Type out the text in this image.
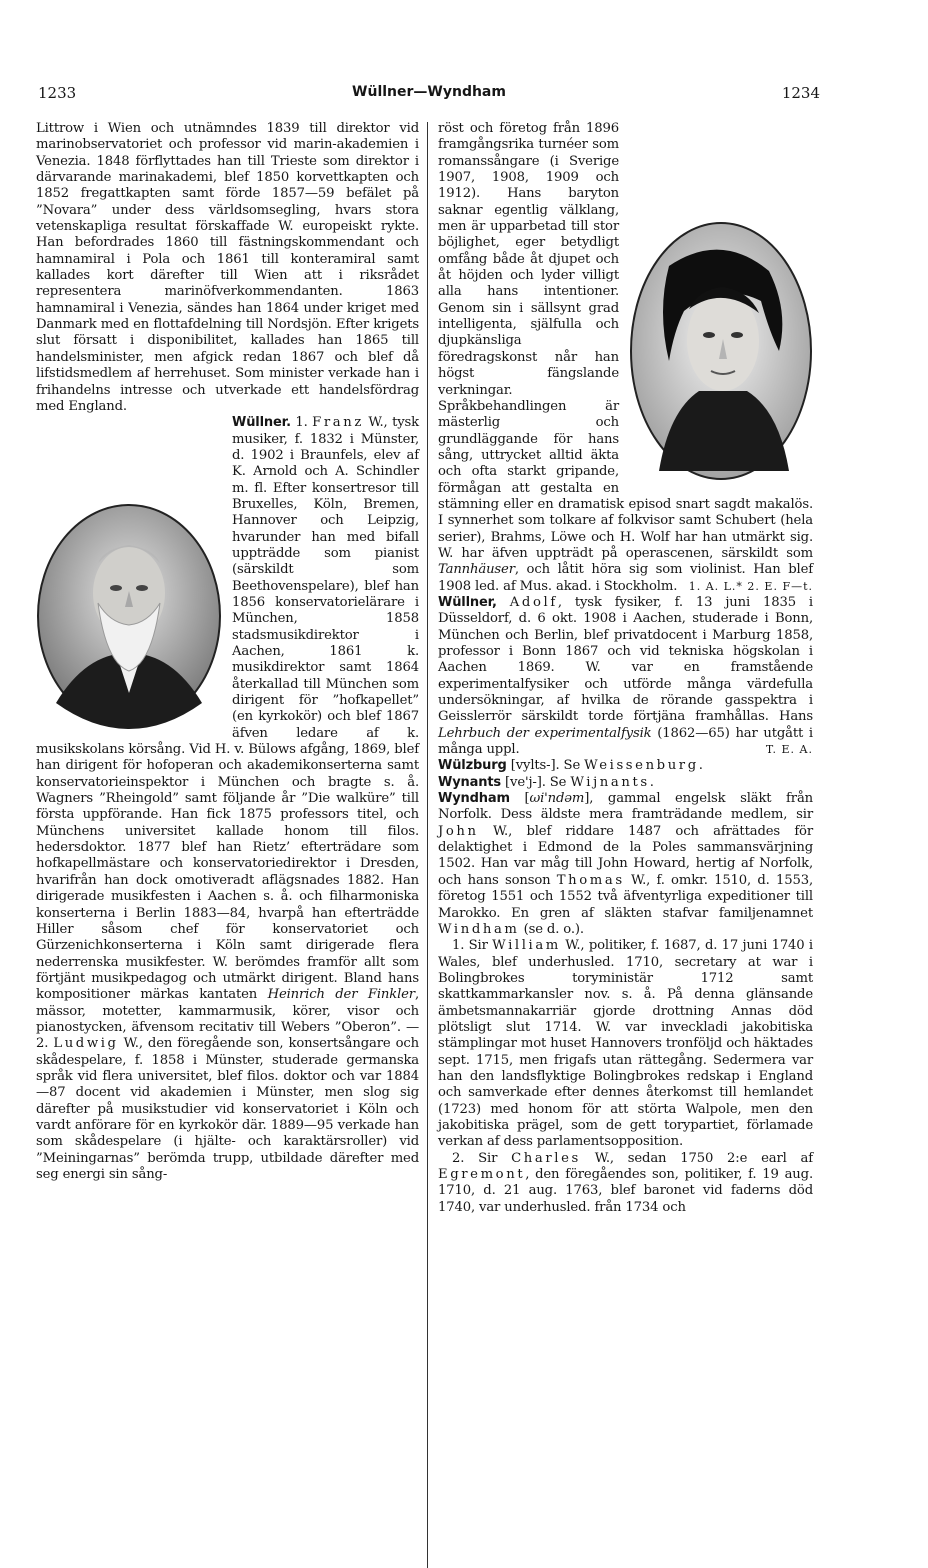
1233	Wüllner—Wyndham	1234

Littrow i Wien och utnämndes 1839 till direktor vid marinobservatoriet och professor vid marin-akademien i Venezia. 1848 förflyttades han till Trieste som direktor i därvarande marinakademi, blef 1850 korvettkapten och 1852 fregattkapten samt förde 1857—59 befälet på ”Novara” under dess världsomsegling, hvars stora vetenskapliga resultat förskaffade W. europeiskt rykte. Han befordrades 1860 till fästningskommendant och hamnamiral i Pola och 1861 till konteramiral samt kallades kort därefter till Wien att i riksrådet representera marinöfverkommendanten. 1863 hamnamiral i Venezia, sändes han 1864 under kriget med Danmark med en flottafdelning till Nordsjön. Efter krigets slut försatt i disponibilitet, kallades han 1865 till handelsminister, men afgick redan 1867 och blef då lifstidsmedlem af herrehuset. Som minister verkade han i frihandelns intresse och utverkade ett handelsfördrag med England.

Wüllner. 1. Franz W., tysk musiker, f. 1832 i Münster, d. 1902 i Braunfels, elev af K. Arnold och A. Schindler m. fl. Efter konsertresor till Bruxelles, Köln, Bremen, Hannover och Leipzig, hvarunder han med bifall uppträdde som pianist (särskildt som Beethovenspelare), blef han 1856 konservatorielärare i München, 1858 stadsmusikdirektor i Aachen, 1861 k. musikdirektor samt 1864 återkallad till München som dirigent för ”hofkapellet” (en kyrkokör) och blef 1867 äfven ledare af k. musikskolans körsång. Vid H. v. Bülows afgång, 1869, blef han dirigent för hofoperan och akademikonserterna samt konservatorieinspektor i München och bragte s. å. Wagners ”Rheingold” samt följande år ”Die walküre” till första uppförande. Han fick 1875 professors titel, och Münchens universitet kallade honom till filos. hedersdoktor. 1877 blef han Rietz’ efterträdare som hofkapellmästare och konservatoriedirektor i Dresden, hvarifrån han dock omotiveradt aflägsnades 1882. Han dirigerade musikfesten i Aachen s. å. och filharmoniska konserterna i Berlin 1883—84, hvarpå han efterträdde Hiller såsom chef för konservatoriet och Gürzenichkonserterna i Köln samt dirigerade flera nederrenska musikfester. W. berömdes framför allt som förtjänt musikpedagog och utmärkt dirigent. Bland hans kompositioner märkas kantaten Heinrich der Finkler, mässor, motetter, kammarmusik, körer, visor och pianostycken, äfvensom recitativ till Webers ”Oberon”. — 2. Ludwig W., den föregående son, konsertsångare och skådespelare, f. 1858 i Münster, studerade germanska språk vid flera universitet, blef filos. doktor och var 1884—87 docent vid akademien i Münster, men slog sig därefter på musikstudier vid konservatoriet i Köln och vardt anförare för en kyrkokör där. 1889—95 verkade han som skådespelare (i hjälte- och karaktärsroller) vid ”Meiningarnas” berömda trupp, utbildade därefter med seg energi sin sång-

röst och företog från 1896 framgångsrika turnéer som romanssångare (i Sverige 1907, 1908, 1909 och 1912). Hans baryton saknar egentlig välklang, men är upparbetad till stor böjlighet, eger betydligt omfång både åt djupet och åt höjden och lyder villigt alla hans intentioner. Genom sin i sällsynt grad intelligenta, själfulla och djupkänsliga föredragskonst når han högst fängslande verkningar. Språkbehandlingen är mästerlig och grundläggande för hans sång, uttrycket alltid äkta och ofta starkt gripande, förmågan att gestalta en stämning eller en dramatisk episod snart sagdt makalös. I synnerhet som tolkare af folkvisor samt Schubert (hela serier), Brahms, Löwe och H. Wolf har han utmärkt sig. W. har äfven uppträdt på operascenen, särskildt som Tannhäuser, och låtit höra sig som violinist. Han blef 1908 led. af Mus. akad. i Stockholm. 1. A. L.* 2. E. F—t.

Wüllner, Adolf, tysk fysiker, f. 13 juni 1835 i Düsseldorf, d. 6 okt. 1908 i Aachen, studerade i Bonn, München och Berlin, blef privatdocent i Marburg 1858, professor i Bonn 1867 och vid tekniska högskolan i Aachen 1869. W. var en framstående experimentalfysiker och utförde många värdefulla undersökningar, af hvilka de rörande gasspektra i Geisslerrör särskildt torde förtjäna framhållas. Hans Lehrbuch der experimentalfysik (1862—65) har utgått i många uppl.	T. E. A.

Wülzburg [vylts-]. Se Weissenburg.

Wynants [ve'j-]. Se Wijnants.

Wyndham [ωi'ndəm], gammal engelsk släkt från Norfolk. Dess äldste mera framträdande medlem, sir John W., blef riddare 1487 och afrättades för delaktighet i Edmond de la Poles sammansvärjning 1502. Han var måg till John Howard, hertig af Norfolk, och hans sonson Thomas W., f. omkr. 1510, d. 1553, företog 1551 och 1552 två äfventyrliga expeditioner till Marokko. En gren af släkten stafvar familjenamnet Windham (se d. o.).

1. Sir William W., politiker, f. 1687, d. 17 juni 1740 i Wales, blef underhusled. 1710, secretary at war i Bolingbrokes toryministär 1712 samt skattkammarkansler nov. s. å. På denna glänsande ämbetsmannakarriär gjorde drottning Annas död plötsligt slut 1714. W. var inveckladi jakobitiska stämplingar mot huset Hannovers tronföljd och häktades sept. 1715, men frigafs utan rättegång. Sedermera var han den landsflyktige Bolingbrokes redskap i England och samverkade efter dennes återkomst till hemlandet (1723) med honom för att störta Walpole, men den jakobitiska prägel, som de gett torypartiet, förlamade verkan af dess parlamentsopposition.

2. Sir Charles W., sedan 1750 2:e earl af Egremont, den föregåendes son, politiker, f. 19 aug. 1710, d. 21 aug. 1763, blef baronet vid faderns död 1740, var underhusled. från 1734 och
